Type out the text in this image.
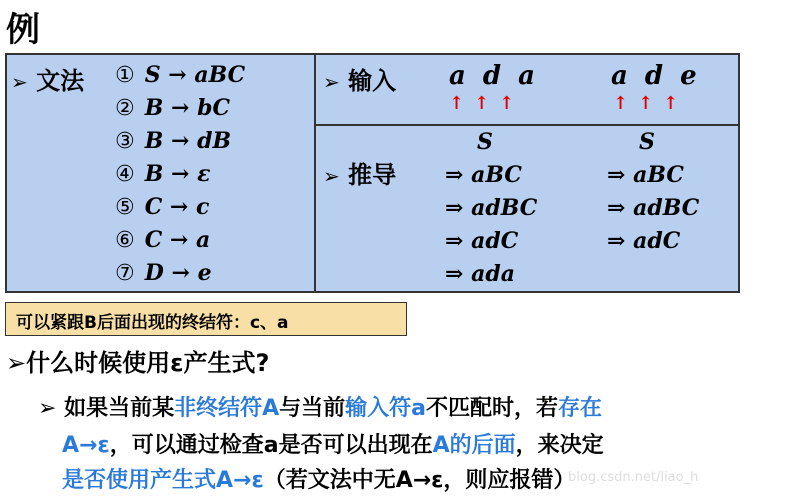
例
➢ 文法 ① S → aBC
② B → bC
③ B → dB
④ B → ε
⑤ C → c
⑥ C → a
⑦ D → e
➢ 输入 a d a
↑↑↑
a d e
↑↑↑
➢ 推导
S
⇒ aBC
⇒ adBC
⇒ adC
⇒ ada
S
⇒ aBC
⇒ adBC
⇒ adC
可以紧跟B后面出现的终结符：c、a
➢什么时候使用ε产生式?
➢ 如果当前某非终结符A与当前输入符a不匹配时，若存在
A→ε，可以通过检查a是否可以出现在A的后面，来决定
是否使用产生式A→ε（若文法中无A→ε，则应报错）
blog.csdn.net/liao_h
